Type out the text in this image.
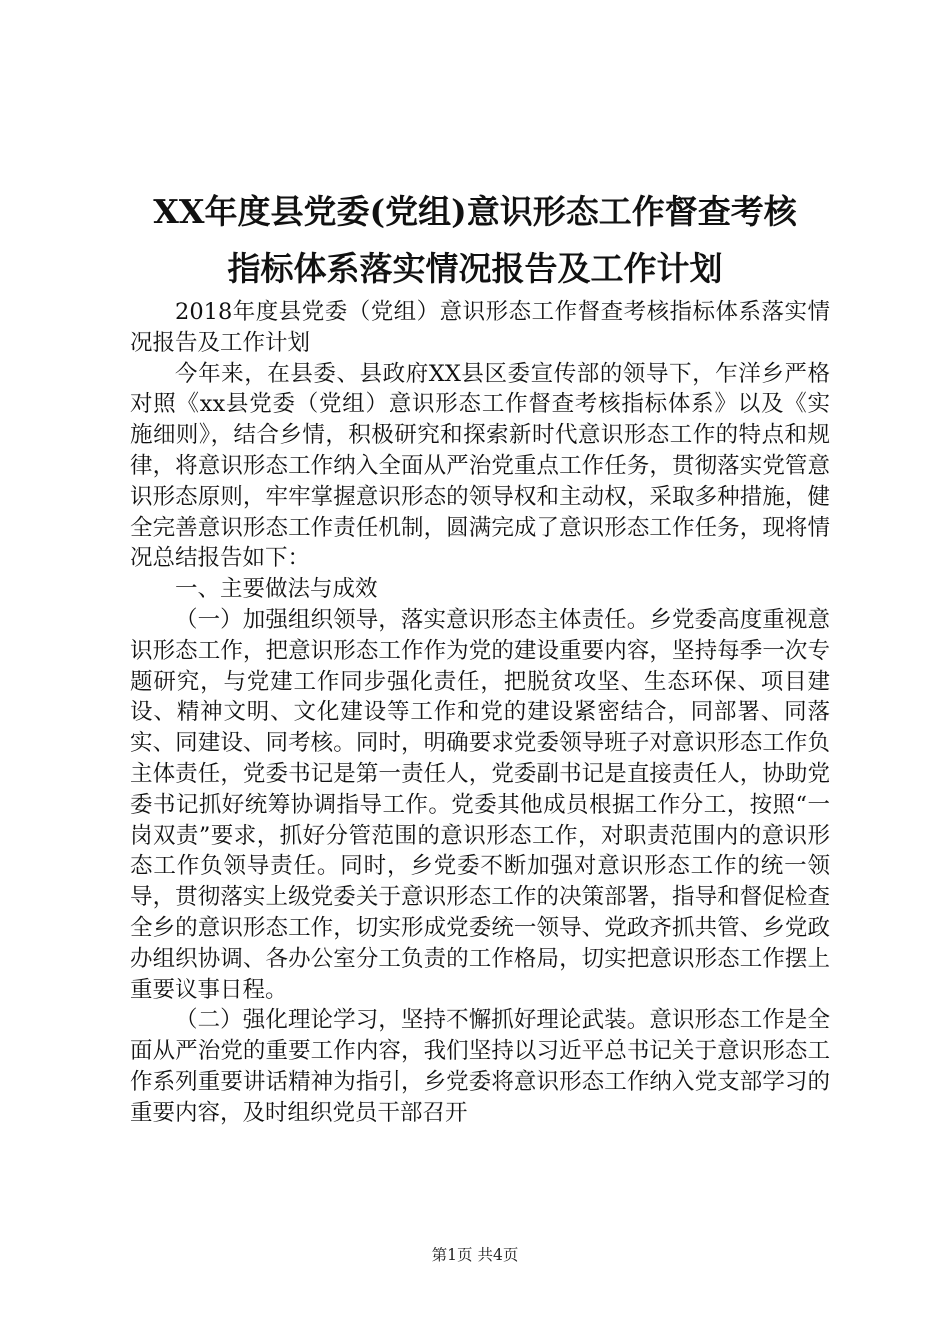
XX年度县党委(党组)意识形态工作督查考核
指标体系落实情况报告及工作计划

2018年度县党委（党组）意识形态工作督查考核指标体系落实情况报告及工作计划

今年来，在县委、县政府XX县区委宣传部的领导下，乍洋乡严格对照《xx县党委（党组）意识形态工作督查考核指标体系》以及《实施细则》，结合乡情，积极研究和探索新时代意识形态工作的特点和规律，将意识形态工作纳入全面从严治党重点工作任务，贯彻落实党管意识形态原则，牢牢掌握意识形态的领导权和主动权，采取多种措施，健全完善意识形态工作责任机制，圆满完成了意识形态工作任务，现将情况总结报告如下：

一、主要做法与成效

（一）加强组织领导，落实意识形态主体责任。乡党委高度重视意识形态工作，把意识形态工作作为党的建设重要内容，坚持每季一次专题研究，与党建工作同步强化责任，把脱贫攻坚、生态环保、项目建设、精神文明、文化建设等工作和党的建设紧密结合，同部署、同落实、同建设、同考核。同时，明确要求党委领导班子对意识形态工作负主体责任，党委书记是第一责任人，党委副书记是直接责任人，协助党委书记抓好统筹协调指导工作。党委其他成员根据工作分工，按照“一岗双责”要求，抓好分管范围的意识形态工作，对职责范围内的意识形态工作负领导责任。同时，乡党委不断加强对意识形态工作的统一领导，贯彻落实上级党委关于意识形态工作的决策部署，指导和督促检查全乡的意识形态工作，切实形成党委统一领导、党政齐抓共管、乡党政办组织协调、各办公室分工负责的工作格局，切实把意识形态工作摆上重要议事日程。

（二）强化理论学习，坚持不懈抓好理论武装。意识形态工作是全面从严治党的重要工作内容，我们坚持以习近平总书记关于意识形态工作系列重要讲话精神为指引，乡党委将意识形态工作纳入党支部学习的重要内容，及时组织党员干部召开

第1页 共4页
